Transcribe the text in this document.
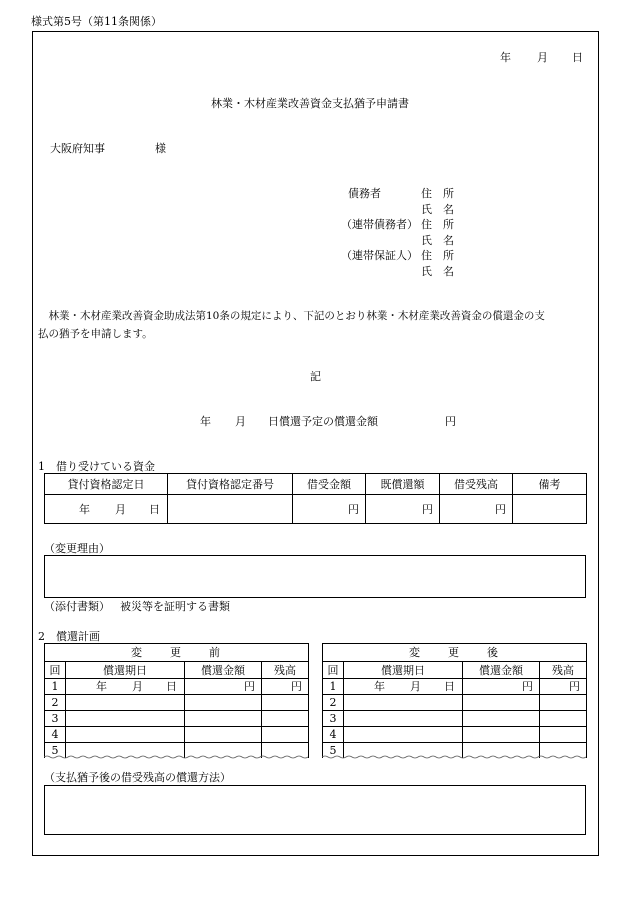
様式第5号（第11条関係）
年 月 日
林業・木材産業改善資金支払猶予申請書
大阪府知事	様
債務者	住　所
氏　名
（連帯債務者） 住　所
氏　名
（連帯保証人） 住　所
氏　名
　林業・木材産業改善資金助成法第10条の規定により、下記のとおり林業・木材産業改善資金の償還金の支
払の猶予を申請します。
記
年 月 日償還予定の償還金額	円
1　借り受けている資金
貸付資格認定日	貸付資格認定番号	借受金額	既償還額	借受残高	備考

年 月 日		円	円	円	
（変更理由）
（添付書類） 被災等を証明する書類
2　償還計画
変　　更　　前			
回	償還期日	償還金額	残高
1	年 月 日	円	円
2			
3			
4			
5			
変　　更　　後			
回	償還期日	償還金額	残高
1	年 月 日	円	円
2			
3			
4			
5			
（支払猶予後の借受残高の償還方法）
